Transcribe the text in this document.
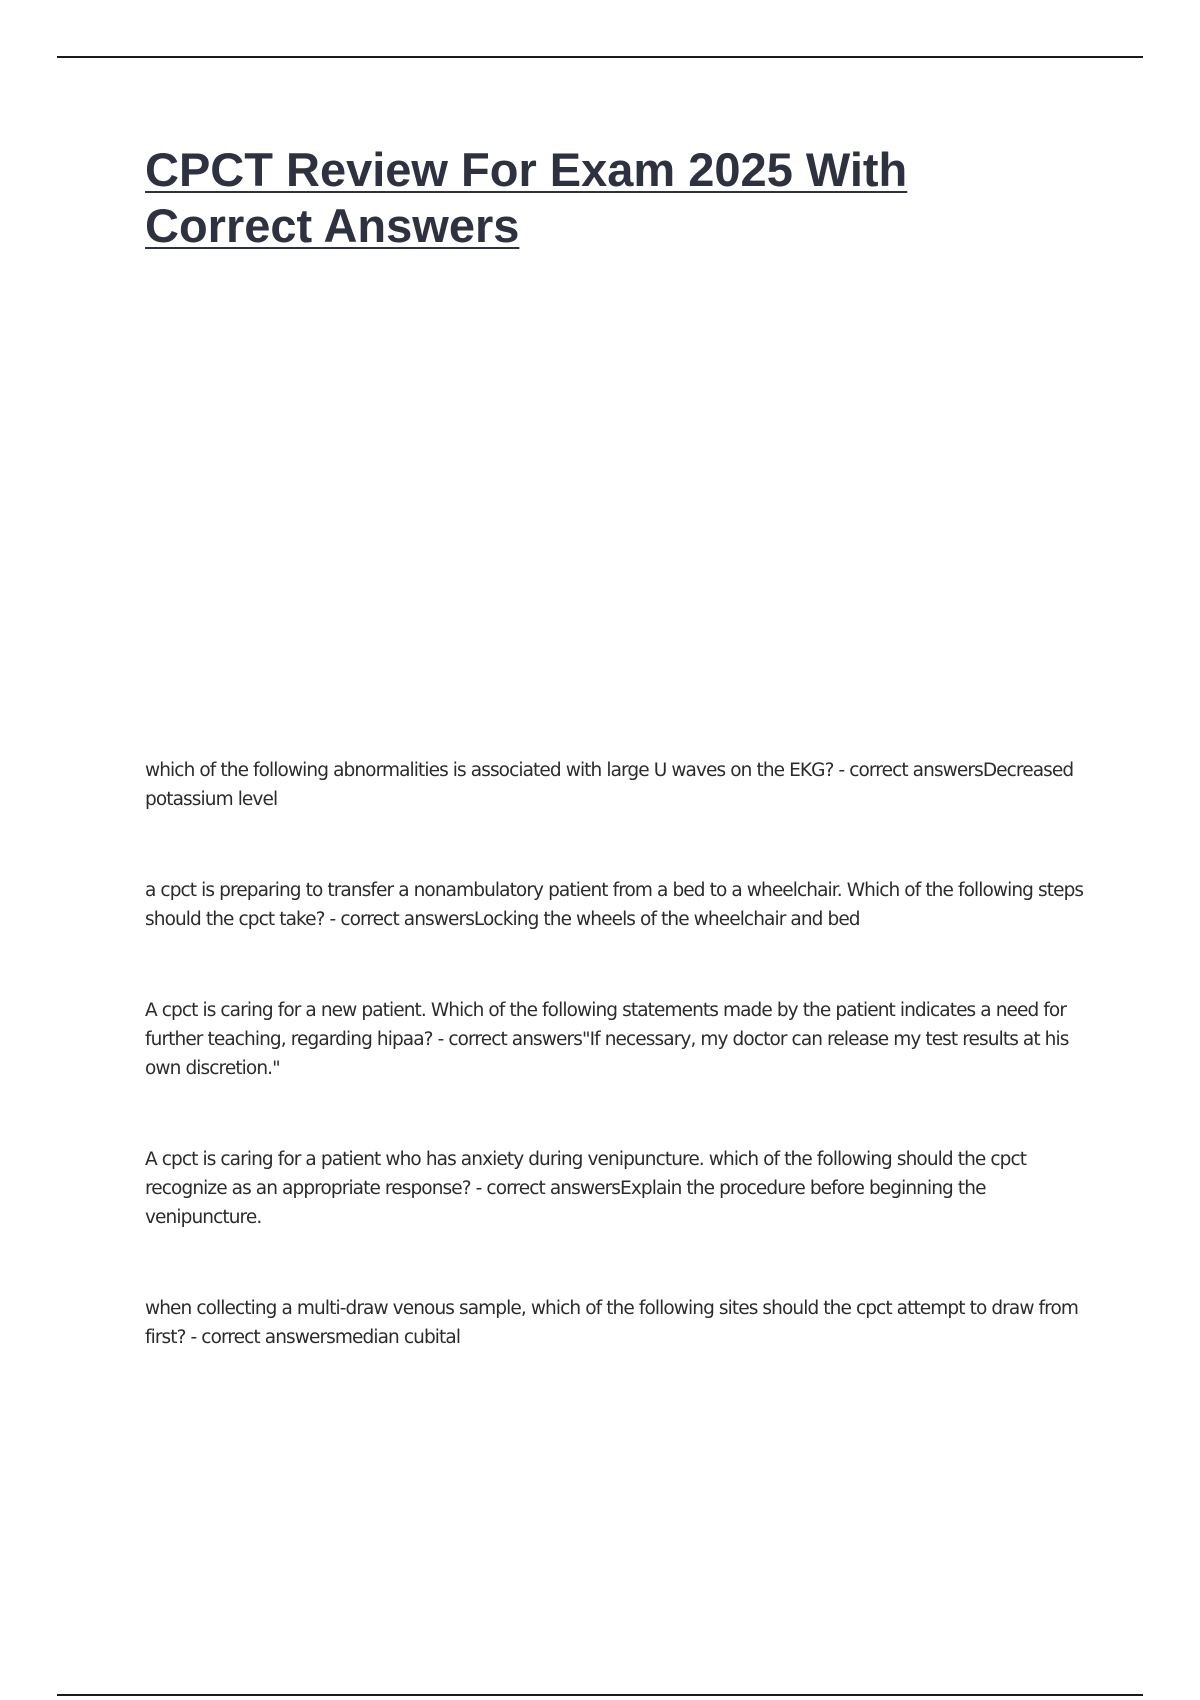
CPCT Review For Exam 2025 With Correct Answers

which of the following abnormalities is associated with large U waves on the EKG? - correct answersDecreased potassium level

a cpct is preparing to transfer a nonambulatory patient from a bed to a wheelchair. Which of the following steps should the cpct take? - correct answersLocking the wheels of the wheelchair and bed

A cpct is caring for a new patient. Which of the following statements made by the patient indicates a need for further teaching, regarding hipaa? - correct answers"If necessary, my doctor can release my test results at his own discretion."

A cpct is caring for a patient who has anxiety during venipuncture. which of the following should the cpct recognize as an appropriate response? - correct answersExplain the procedure before beginning the venipuncture.

when collecting a multi-draw venous sample, which of the following sites should the cpct attempt to draw from first? - correct answersmedian cubital
